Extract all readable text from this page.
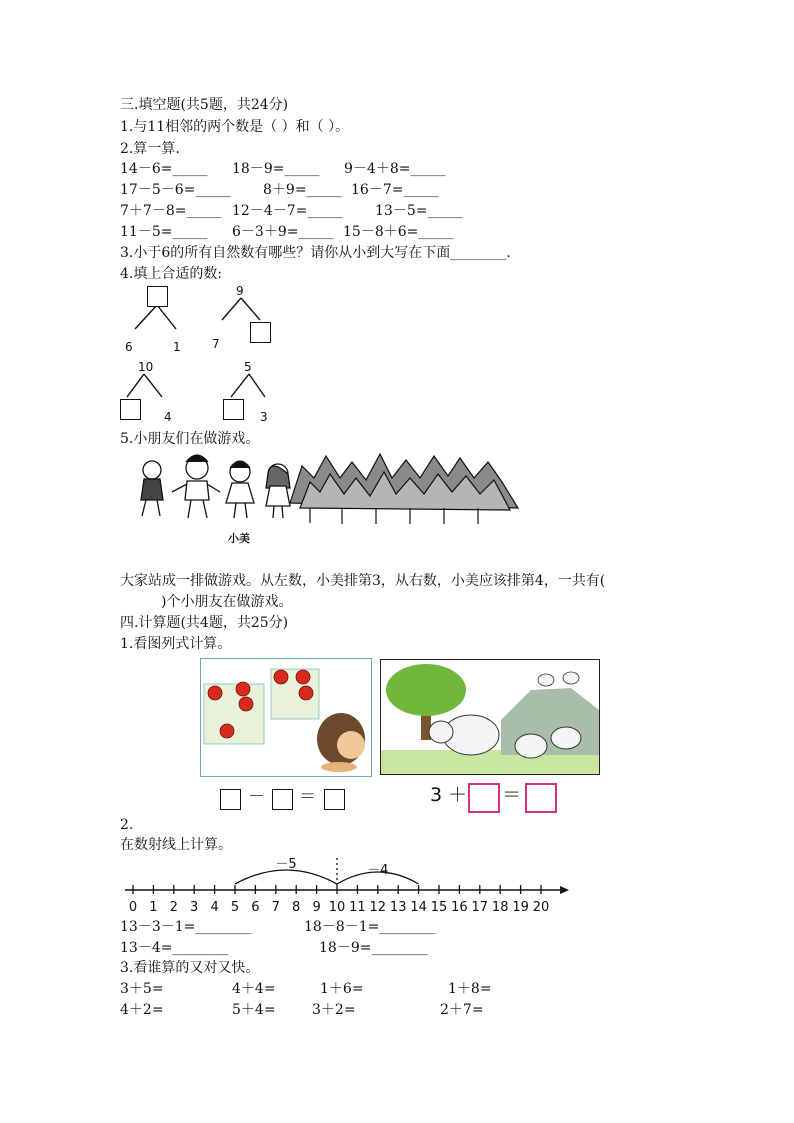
三.填空题(共5题，共24分)
1.与11相邻的两个数是（ ）和（ ）。
2.算一算.
14－6=_____ 18－9=_____ 9－4＋8=_____
17－5－6=_____ 8＋9=_____ 16－7=_____
7＋7－8=_____ 12－4－7=_____ 13－5=_____
11－5=_____ 6－3＋9=_____ 15－8＋6=_____
3.小于6的所有自然数有哪些？请你从小到大写在下面________.
4.填上合适的数:
6	1
9
7
10
4
5
3
5.小朋友们在做游戏。
小美
大家站成一排做游戏。从左数，小美排第3，从右数，小美应该排第4，一共有(
)个小朋友在做游戏。
四.计算题(共4题，共25分)
1.看图列式计算。
－ ＝	3 ＋ ＝
2.
在数射线上计算。
0 1 2 3 4 5 6 7 8 9 10 11 12 13 14 15 16 17 18 19 20
－5	－4
13－3－1=________	18－8－1=________
13－4=________	18－9=________
3.看谁算的又对又快。
3＋5=	4＋4=	1＋6=	1＋8=
4＋2=	5＋4=	3＋2=	2＋7=
